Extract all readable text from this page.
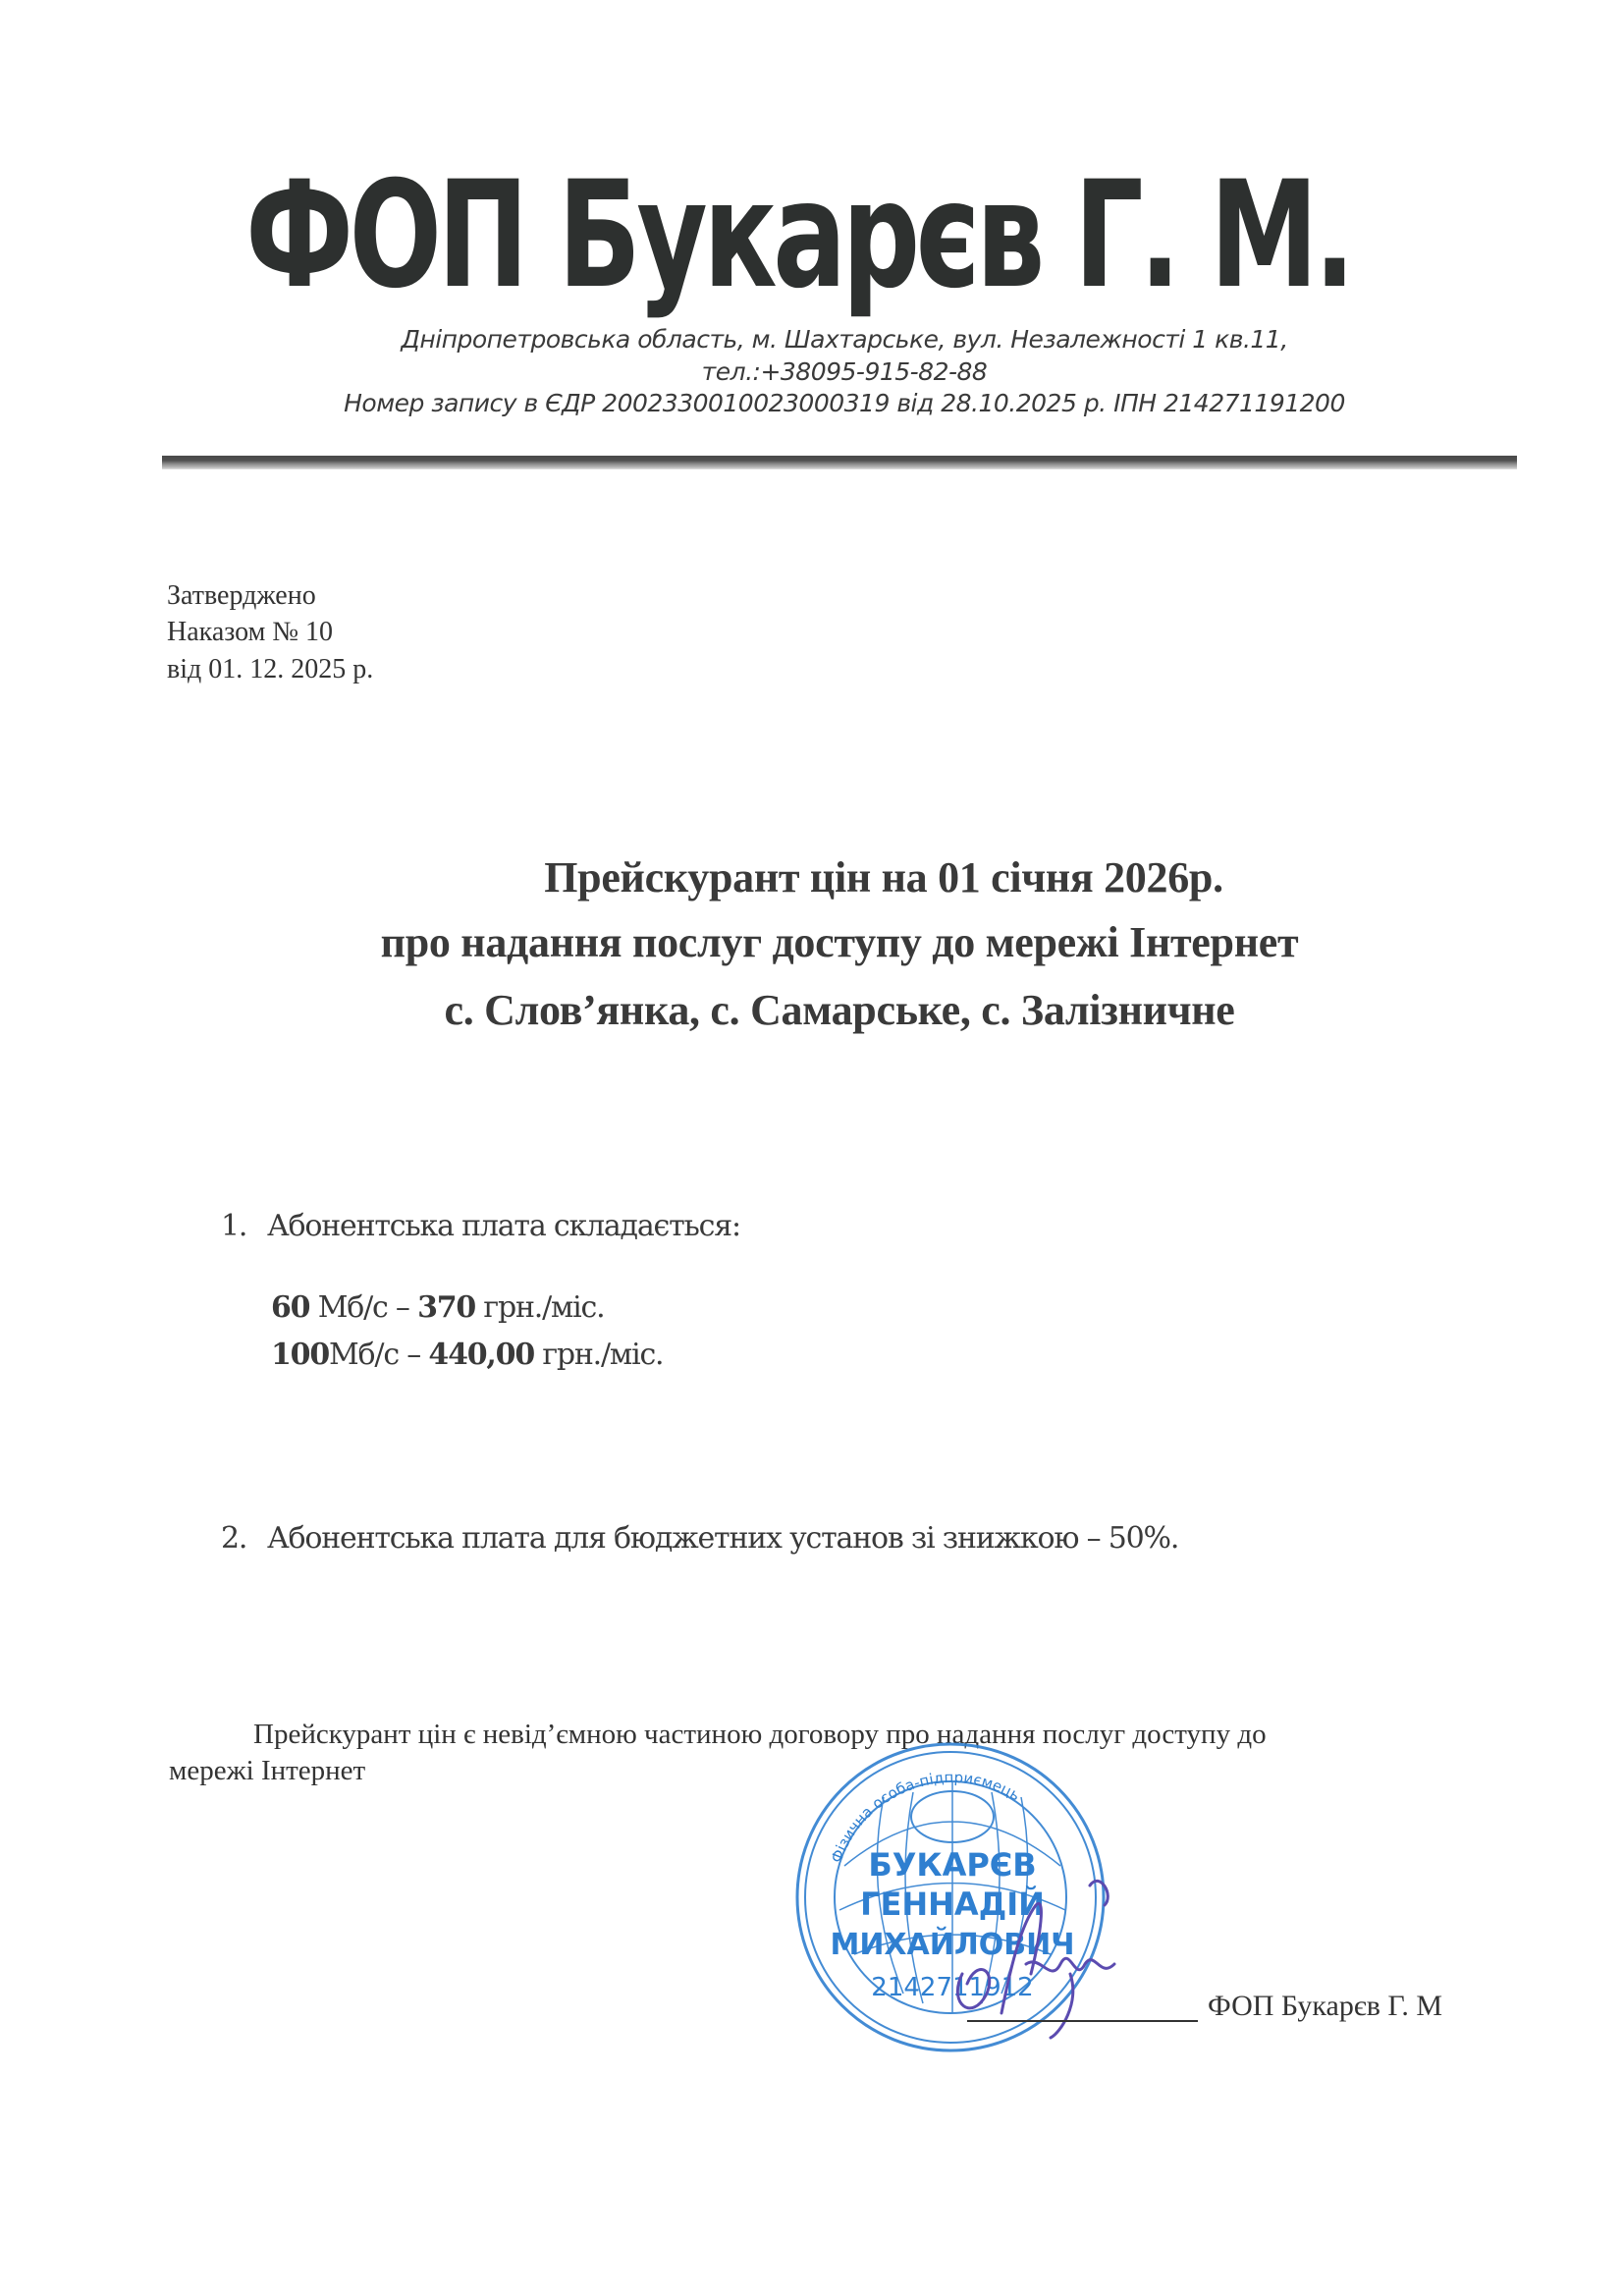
ФОП Букарєв Г. М.
Дніпропетровська область, м. Шахтарське, вул. Незалежності 1 кв.11,
тел.:+38095-915-82-88
Номер запису в ЄДР 2002330010023000319 від 28.10.2025 р. ІПН 214271191200
Затверджено
Наказом № 10
від 01. 12. 2025 р.
Прейскурант цін на 01 січня 2026р.
про надання послуг доступу до мережі Інтернет
с. Слов’янка, с. Самарське, с. Залізничне
1. Абонентська плата складається:
60 Мб/с – 370 грн./міс.
100Мб/с – 440,00 грн./міс.
2. Абонентська плата для бюджетних установ зі знижкою – 50%.
Прейскурант цін є невід’ємною частиною договору про надання послуг доступу до
мережі Інтернет
Фізична особа-підприємець
БУКАРЄВ
ГЕННАДІЙ
МИХАЙЛОВИЧ
2142711912
ФОП Букарєв Г. М
